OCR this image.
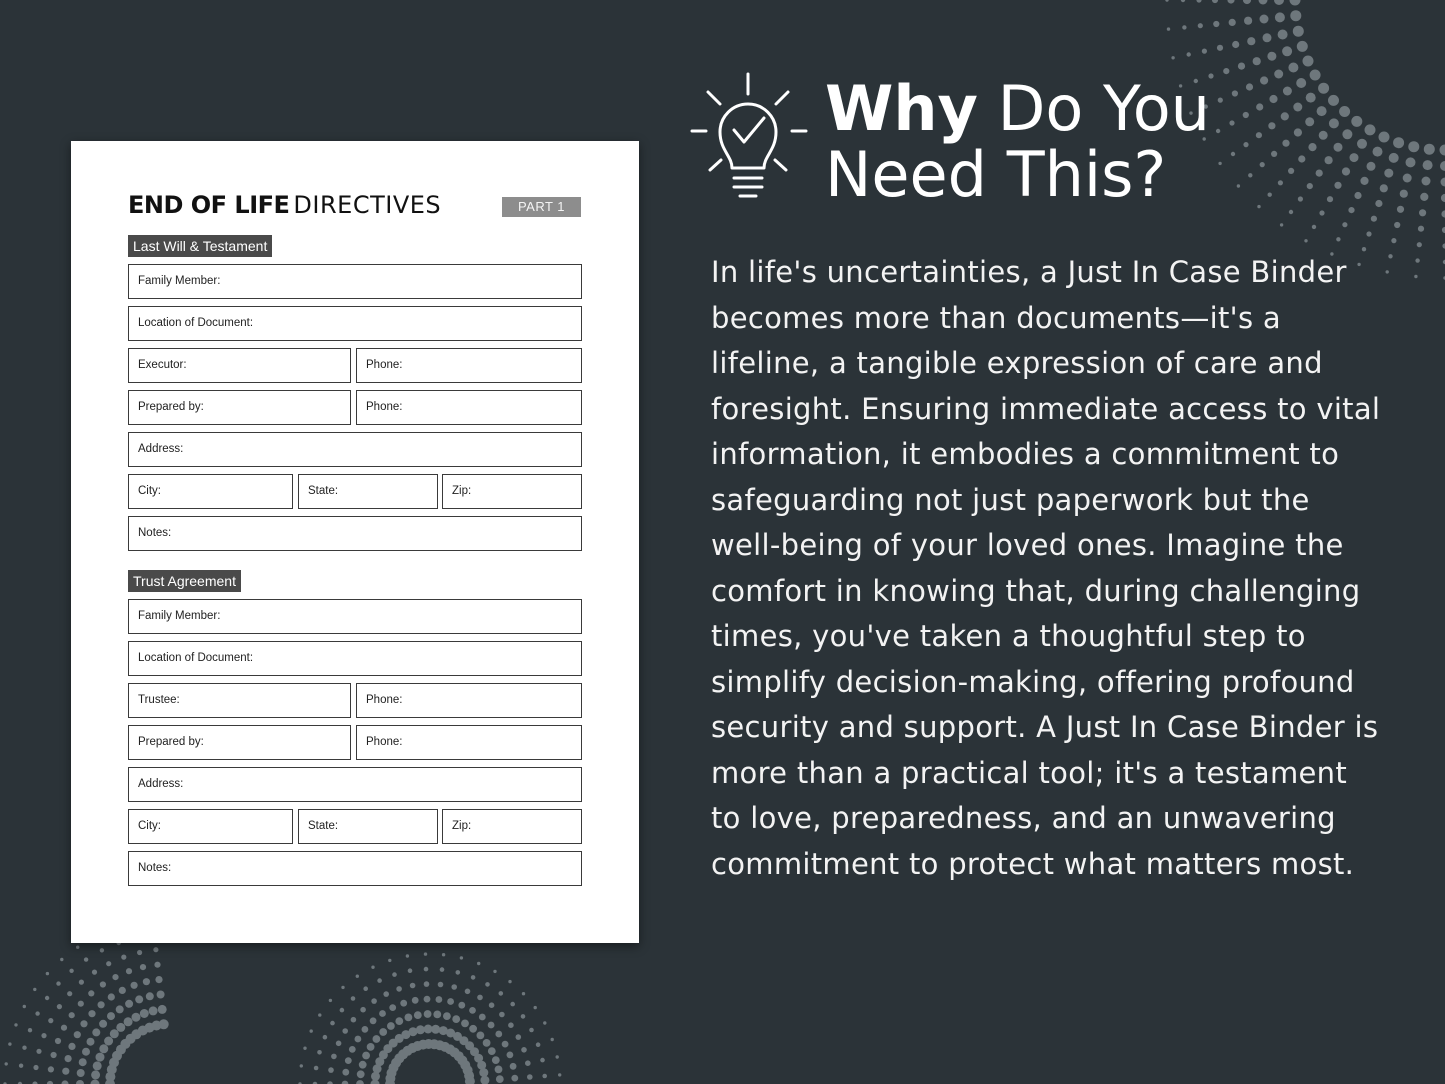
END OF LIFE DIRECTIVES	PART 1
Last Will & Testament
Family Member:
Location of Document:
Executor:	Phone:
Prepared by:	Phone:
Address:
City:	State:	Zip:
Notes:
Trust Agreement
Family Member:
Location of Document:
Trustee:	Phone:
Prepared by:	Phone:
Address:
City:	State:	Zip:
Notes:
Why Do You
Need This?
In life's uncertainties, a Just In Case Binder becomes more than documents—it's a lifeline, a tangible expression of care and foresight. Ensuring immediate access to vital information, it embodies a commitment to safeguarding not just paperwork but the well-being of your loved ones. Imagine the comfort in knowing that, during challenging times, you've taken a thoughtful step to simplify decision-making, offering profound security and support. A Just In Case Binder is more than a practical tool; it's a testament to love, preparedness, and an unwavering commitment to protect what matters most.
